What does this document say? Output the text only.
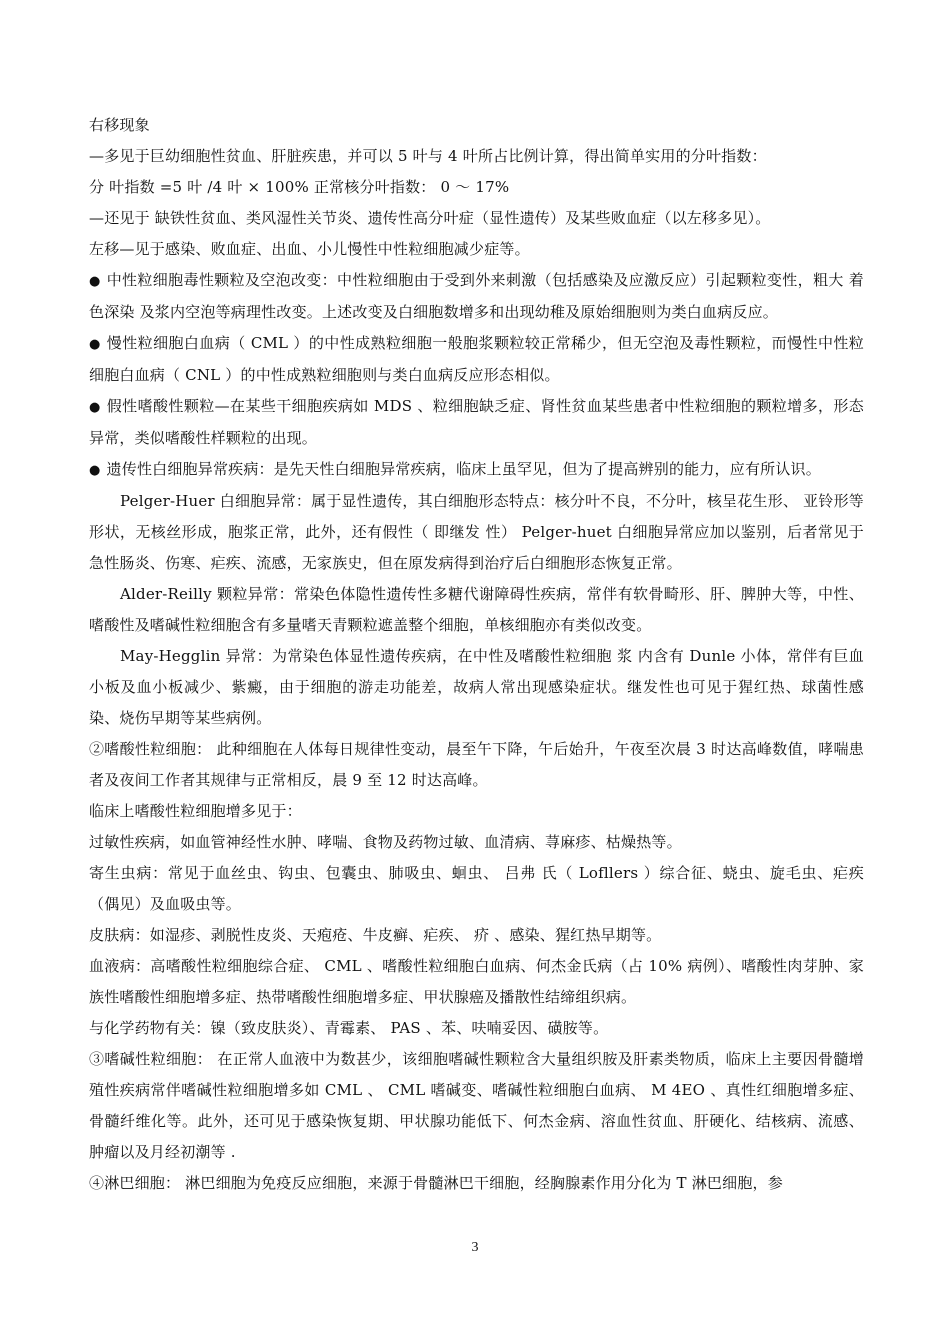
右移现象
—多见于巨幼细胞性贫血、肝脏疾患，并可以 5 叶与 4 叶所占比例计算，得出简单实用的分叶指数：
分 叶指数 =5 叶 /4 叶 × 100% 正常核分叶指数： 0 ～ 17%
—还见于 缺铁性贫血、类风湿性关节炎、遗传性高分叶症（显性遗传）及某些败血症（以左移多见）。
左移—见于感染、败血症、出血、小儿慢性中性粒细胞减少症等。
● 中性粒细胞毒性颗粒及空泡改变：中性粒细胞由于受到外来刺激（包括感染及应激反应）引起颗粒变性，粗大 着色深染 及浆内空泡等病理性改变。上述改变及白细胞数增多和出现幼稚及原始细胞则为类白血病反应。
● 慢性粒细胞白血病（ CML ）的中性成熟粒细胞一般胞浆颗粒较正常稀少，但无空泡及毒性颗粒，而慢性中性粒细胞白血病（ CNL ）的中性成熟粒细胞则与类白血病反应形态相似。
● 假性嗜酸性颗粒—在某些干细胞疾病如 MDS 、粒细胞缺乏症、肾性贫血某些患者中性粒细胞的颗粒增多，形态异常，类似嗜酸性样颗粒的出现。
● 遗传性白细胞异常疾病：是先天性白细胞异常疾病，临床上虽罕见，但为了提高辨别的能力，应有所认识。
Pelger-Huer 白细胞异常：属于显性遗传，其白细胞形态特点：核分叶不良，不分叶，核呈花生形、 亚铃形等 形状，无核丝形成，胞浆正常，此外，还有假性（ 即继发 性） Pelger-huet 白细胞异常应加以鉴别，后者常见于急性肠炎、伤寒、疟疾、流感，无家族史，但在原发病得到治疗后白细胞形态恢复正常。
Alder-Reilly 颗粒异常：常染色体隐性遗传性多糖代谢障碍性疾病，常伴有软骨畸形、肝、脾肿大等，中性、嗜酸性及嗜碱性粒细胞含有多量嗜天青颗粒遮盖整个细胞，单核细胞亦有类似改变。
May-Hegglin 异常：为常染色体显性遗传疾病，在中性及嗜酸性粒细胞 浆 内含有 Dunle 小体，常伴有巨血小板及血小板减少、紫癜，由于细胞的游走功能差，故病人常出现感染症状。继发性也可见于猩红热、球菌性感染、烧伤早期等某些病例。
②嗜酸性粒细胞： 此种细胞在人体每日规律性变动，晨至午下降，午后始升，午夜至次晨 3 时达高峰数值，哮喘患者及夜间工作者其规律与正常相反，晨 9 至 12 时达高峰。
临床上嗜酸性粒细胞增多见于：
过敏性疾病，如血管神经性水肿、哮喘、食物及药物过敏、血清病、荨麻疹、枯燥热等。
寄生虫病：常见于血丝虫、钩虫、包囊虫、肺吸虫、蛔虫、 吕弗 氏（ Lofllers ）综合征、蛲虫、旋毛虫、疟疾（偶见）及血吸虫等。
皮肤病：如湿疹、剥脱性皮炎、天疱疮、牛皮癣、疟疾、 疥 、感染、猩红热早期等。
血液病：高嗜酸性粒细胞综合症、 CML 、嗜酸性粒细胞白血病、何杰金氏病（占 10% 病例）、嗜酸性肉芽肿、家族性嗜酸性细胞增多症、热带嗜酸性细胞增多症、甲状腺癌及播散性结缔组织病。
与化学药物有关：镍（致皮肤炎）、青霉素、 PAS 、苯、呋喃妥因、磺胺等。
③嗜碱性粒细胞： 在正常人血液中为数甚少，该细胞嗜碱性颗粒含大量组织胺及肝素类物质，临床上主要因骨髓增殖性疾病常伴嗜碱性粒细胞增多如 CML 、 CML 嗜碱变、嗜碱性粒细胞白血病、 M 4EO 、真性红细胞增多症、骨髓纤维化等。此外，还可见于感染恢复期、甲状腺功能低下、何杰金病、溶血性贫血、肝硬化、结核病、流感、肿瘤以及月经初潮等 .
④淋巴细胞： 淋巴细胞为免疫反应细胞，来源于骨髓淋巴干细胞，经胸腺素作用分化为 T 淋巴细胞，参
3
